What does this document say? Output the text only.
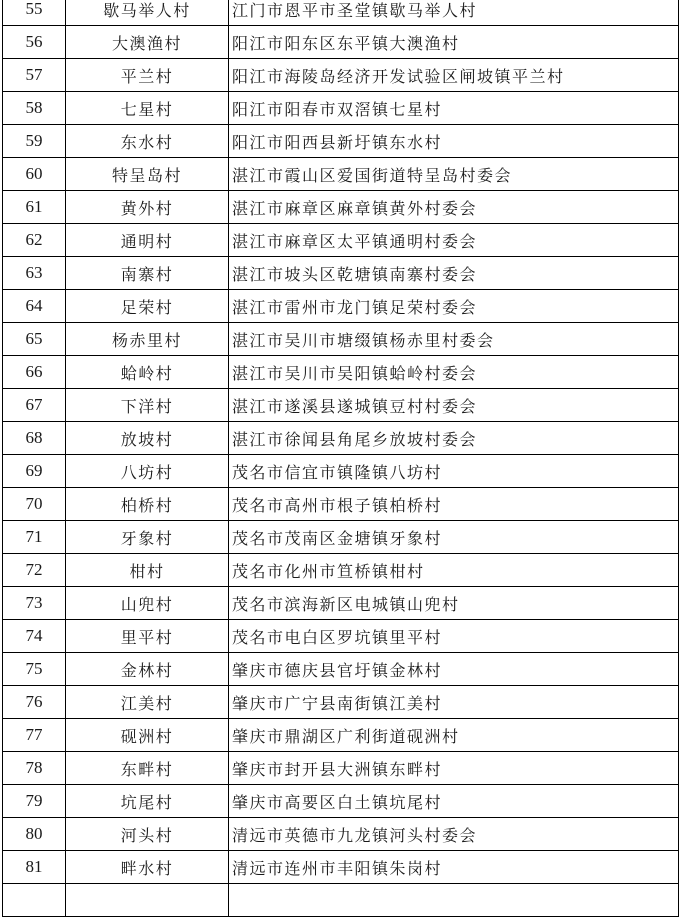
55	歇马举人村	江门市恩平市圣堂镇歇马举人村
56	大澳渔村	阳江市阳东区东平镇大澳渔村
57	平兰村	阳江市海陵岛经济开发试验区闸坡镇平兰村
58	七星村	阳江市阳春市双滘镇七星村
59	东水村	阳江市阳西县新圩镇东水村
60	特呈岛村	湛江市霞山区爱国街道特呈岛村委会
61	黄外村	湛江市麻章区麻章镇黄外村委会
62	通明村	湛江市麻章区太平镇通明村委会
63	南寨村	湛江市坡头区乾塘镇南寨村委会
64	足荣村	湛江市雷州市龙门镇足荣村委会
65	杨赤里村	湛江市吴川市塘缀镇杨赤里村委会
66	蛤岭村	湛江市吴川市吴阳镇蛤岭村委会
67	下洋村	湛江市遂溪县遂城镇豆村村委会
68	放坡村	湛江市徐闻县角尾乡放坡村委会
69	八坊村	茂名市信宜市镇隆镇八坊村
70	柏桥村	茂名市高州市根子镇柏桥村
71	牙象村	茂名市茂南区金塘镇牙象村
72	柑村	茂名市化州市笪桥镇柑村
73	山兜村	茂名市滨海新区电城镇山兜村
74	里平村	茂名市电白区罗坑镇里平村
75	金林村	肇庆市德庆县官圩镇金林村
76	江美村	肇庆市广宁县南街镇江美村
77	砚洲村	肇庆市鼎湖区广利街道砚洲村
78	东畔村	肇庆市封开县大洲镇东畔村
79	坑尾村	肇庆市高要区白土镇坑尾村
80	河头村	清远市英德市九龙镇河头村委会
81	畔水村	清远市连州市丰阳镇朱岗村
